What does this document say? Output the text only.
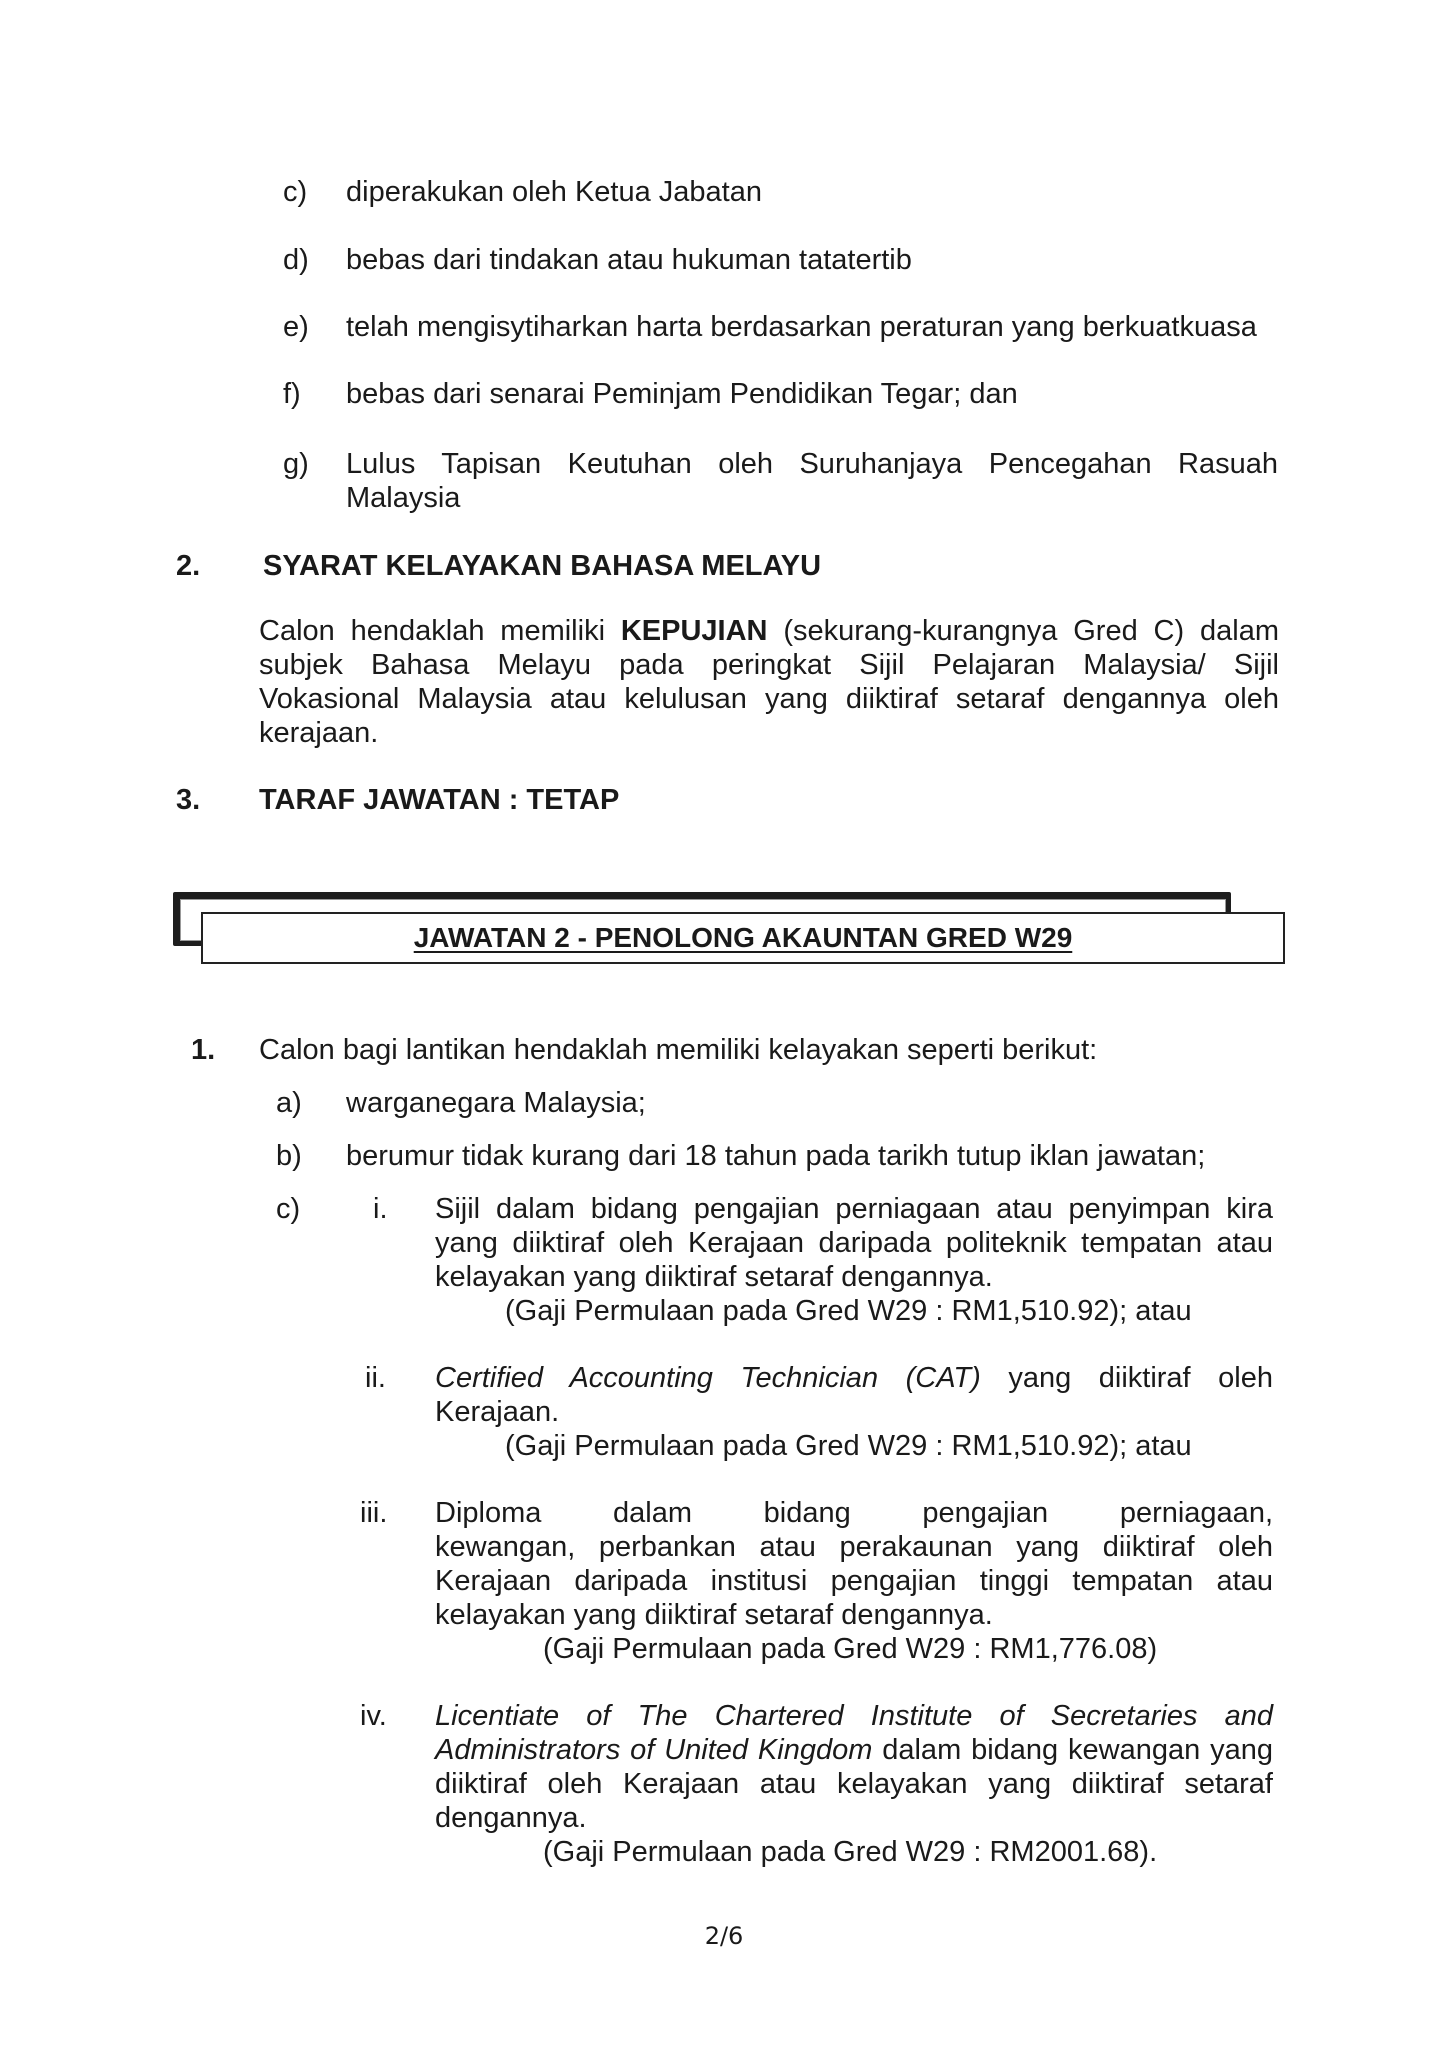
c) diperakukan oleh Ketua Jabatan
d) bebas dari tindakan atau hukuman tatatertib
e) telah mengisytiharkan harta berdasarkan peraturan yang berkuatkuasa
f) bebas dari senarai Peminjam Pendidikan Tegar; dan
g) Lulus Tapisan Keutuhan oleh Suruhanjaya Pencegahan Rasuah
Malaysia
2. SYARAT KELAYAKAN BAHASA MELAYU
Calon hendaklah memiliki KEPUJIAN (sekurang-kurangnya Gred C) dalam
subjek Bahasa Melayu pada peringkat Sijil Pelajaran Malaysia/ Sijil
Vokasional Malaysia atau kelulusan yang diiktiraf setaraf dengannya oleh
kerajaan.
3. TARAF JAWATAN : TETAP
JAWATAN 2 - PENOLONG AKAUNTAN GRED W29
1. Calon bagi lantikan hendaklah memiliki kelayakan seperti berikut:
a) warganegara Malaysia;
b) berumur tidak kurang dari 18 tahun pada tarikh tutup iklan jawatan;
c)	i. Sijil dalam bidang pengajian perniagaan atau penyimpan kira
yang diiktiraf oleh Kerajaan daripada politeknik tempatan atau
kelayakan yang diiktiraf setaraf dengannya.
(Gaji Permulaan pada Gred W29 : RM1,510.92); atau
ii. Certified Accounting Technician (CAT) yang diiktiraf oleh
Kerajaan.
(Gaji Permulaan pada Gred W29 : RM1,510.92); atau
iii. Diploma dalam bidang pengajian perniagaan,
kewangan, perbankan atau perakaunan yang diiktiraf oleh
Kerajaan daripada institusi pengajian tinggi tempatan atau
kelayakan yang diiktiraf setaraf dengannya.
(Gaji Permulaan pada Gred W29 : RM1,776.08)
iv. Licentiate of The Chartered Institute of Secretaries and
Administrators of United Kingdom dalam bidang kewangan yang
diiktiraf oleh Kerajaan atau kelayakan yang diiktiraf setaraf
dengannya.
(Gaji Permulaan pada Gred W29 : RM2001.68).
2/6
